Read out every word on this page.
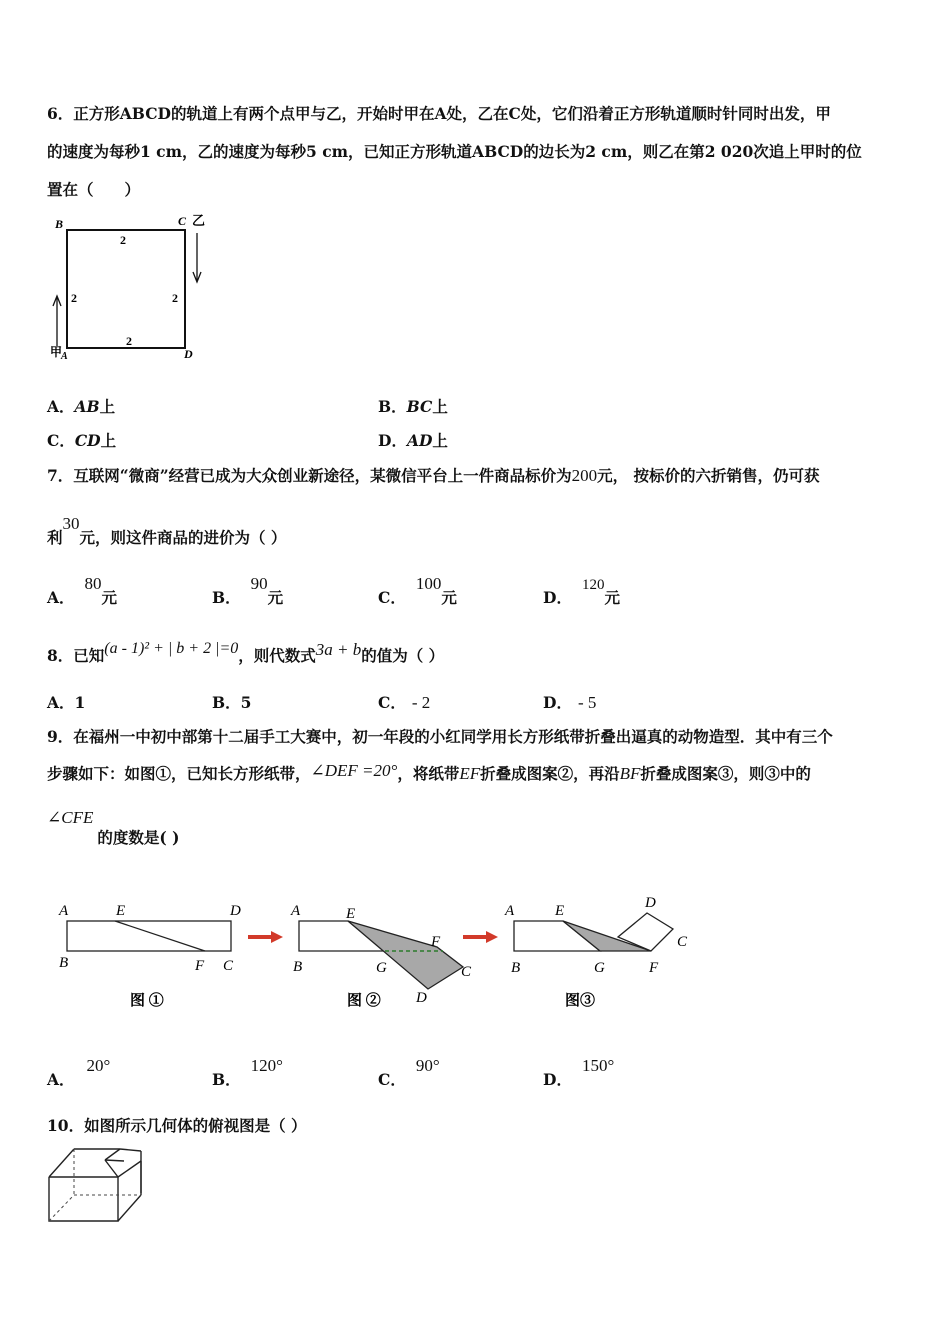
6．正方形ABCD的轨道上有两个点甲与乙，开始时甲在A处，乙在C处，它们沿着正方形轨道顺时针同时出发，甲
的速度为每秒1 cm，乙的速度为每秒5 cm，已知正方形轨道ABCD的边长为2 cm，则乙在第2 020次追上甲时的位
置在（　　）
B	C 乙
甲
A	D
2
2	2
2
A．AB上	B．BC上
C．CD上	D．AD上
7．互联网“微商”经营已成为大众创业新途径，某微信平台上一件商品标价为200元， 按标价的六折销售，仍可获
利30元，则这件商品的进价为（ ）
A．80元	B．90元	C．100元	D．120元
8．已知(a - 1)² + | b + 2 |=0，则代数式3a + b的值为（ ）
A．1	B．5	C． - 2	D． - 5
9．在福州一中初中部第十二届手工大赛中，初一年段的小红同学用长方形纸带折叠出逼真的动物造型．其中有三个
步骤如下：如图①，已知长方形纸带，∠DEF =20°，将纸带EF折叠成图案②，再沿BF折叠成图案③，则③中的
∠CFE的度数是( )
A	E	D
B	F C
图 ①
A	E
B	G
F
C
D
图 ②
A	E	D
C
B	G	F
图③
A．20°
B．120°
C．90°
D．150°
10．如图所示几何体的俯视图是（ ）
